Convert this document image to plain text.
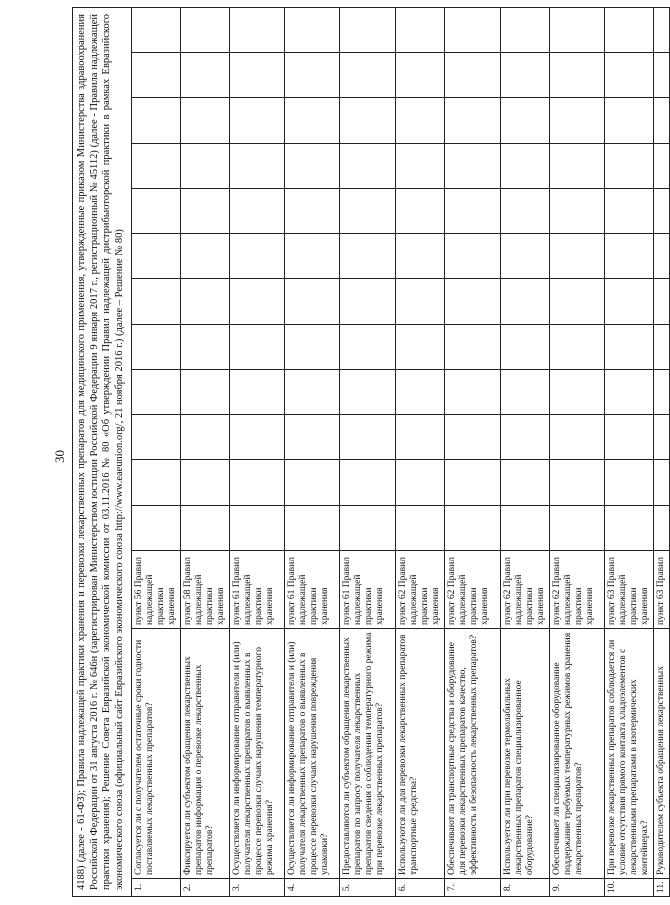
30 4188) (далее - 61-ФЗ); Правила надлежащей практики хранения и перевозки лекарственных препаратов для медицинского применения, утвержденные приказом Министерства здравоохранения Российской Федерации от 31 августа 2016 г. № 646н (зарегистрирован Министерством юстиции Российской Федерации 9 января 2017 г., регистрационный № 45112) (далее - Правила надлежащей практики хранения); Решение Совета Евразийской экономической комиссии от 03.11.2016 № 80 «Об утверждении Правил надлежащей дистрибьюторской практики в рамках Евразийского экономического союза (официальный сайт Евразийского экономического союза http://www.eaeunion.org/, 21 ноября 2016 г.) (далее – Решение № 80)	1.	Согласуется ли с получателем остаточные сроки годности поставляемых лекарственных препаратов?	пункт 56 Правил надлежащей практики хранения												
2.	Фиксируется ли субъектом обращения лекарственных препаратов информация о перевозке лекарственных препаратов?	пункт 58 Правил надлежащей практики хранения												
3.	Осуществляется ли информирование отправителя и (или) получателя лекарственных препаратов о выявленных в процессе перевозки случаях нарушения температурного режима хранения?	пункт 61 Правил надлежащей практики хранения												
4.	Осуществляется ли информирование отправителя и (или) получателя лекарственных препаратов о выявленных в процессе перевозки случаях нарушения повреждения упаковки?	пункт 61 Правил надлежащей практики хранения												
5.	Предоставляются ли субъектом обращения лекарственных препаратов по запросу получателя лекарственных препаратов сведения о соблюдении температурного режима при перевозке лекарственных препаратов?	пункт 61 Правил надлежащей практики хранения												
6.	Используются ли для перевозки лекарственных препаратов транспортные средства?	пункт 62 Правил надлежащей практики хранения												
7.	Обеспечивают ли транспортные средства и оборудование для перевозки лекарственных препаратов качество, эффективность и безопасность лекарственных препаратов?	пункт 62 Правил надлежащей практики хранения												
8.	Используется ли при перевозке термолабильных лекарственных препаратов специализированное оборудование?	пункт 62 Правил надлежащей практики хранения												
9.	Обеспечивает ли специализированное оборудование поддержание требуемых температурных режимов хранения лекарственных препаратов?	пункт 62 Правил надлежащей практики хранения												
10.	При перевозке лекарственных препаратов соблюдается ли условие отсутствия прямого контакта хладоэлементов с лекарственными препаратами в изотермических контейнерах?	пункт 63 Правил надлежащей практики хранения												
11.	Руководителем субъекта обращения лекарственных	пункт 63 Правил												
